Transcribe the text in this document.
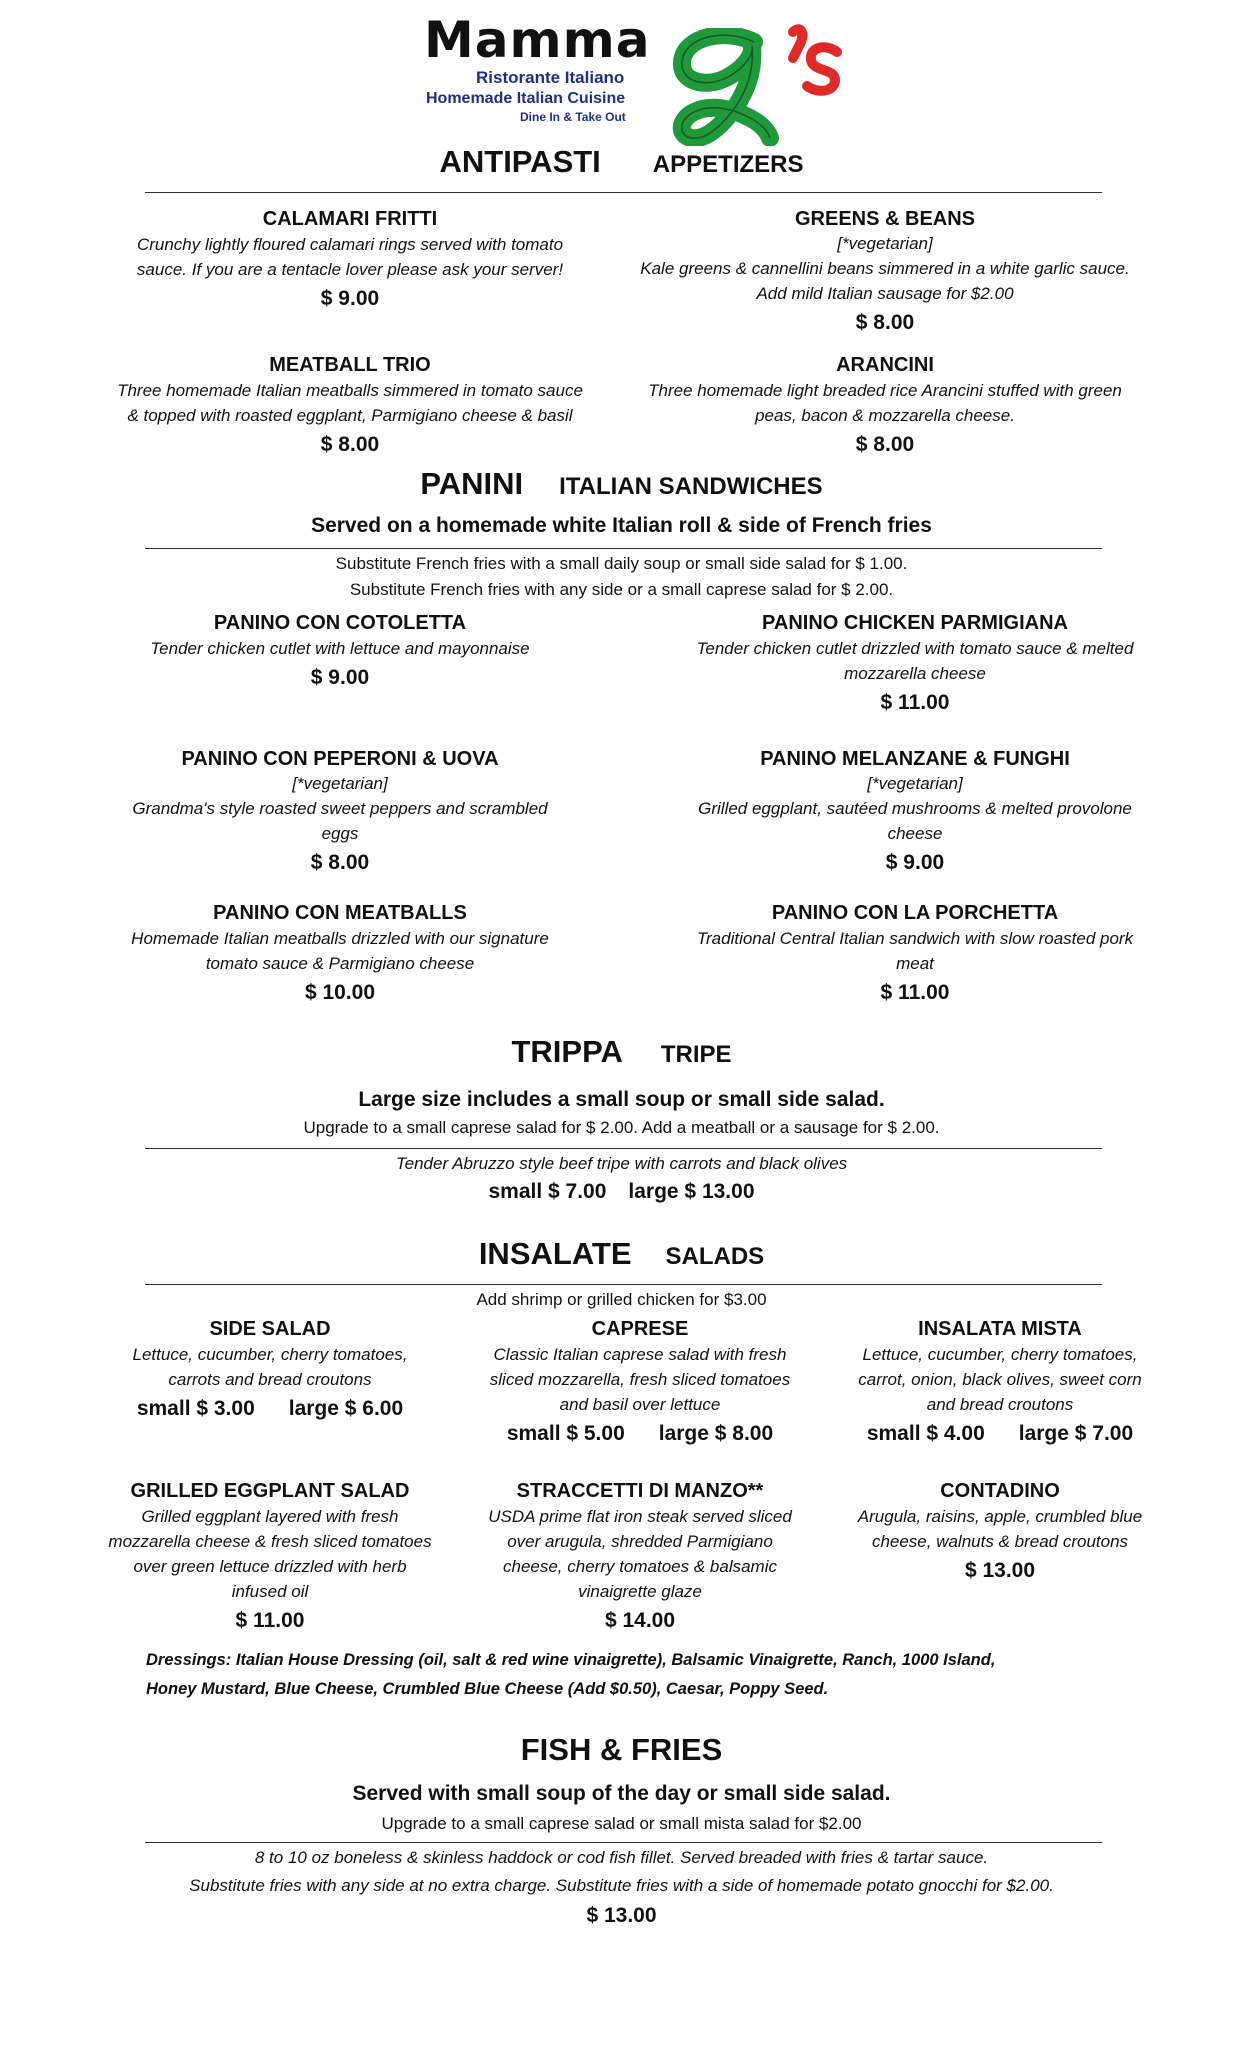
Mamma
Ristorante Italiano
Homemade Italian Cuisine
Dine In & Take Out
ANTIPASTI APPETIZERS
CALAMARI FRITTI
Crunchy lightly floured calamari rings served with tomato
sauce. If you are a tentacle lover please ask your server!
$ 9.00
GREENS & BEANS
[*vegetarian]
Kale greens & cannellini beans simmered in a white garlic sauce.
Add mild Italian sausage for $2.00
$ 8.00
MEATBALL TRIO
Three homemade Italian meatballs simmered in tomato sauce
& topped with roasted eggplant, Parmigiano cheese & basil
$ 8.00
ARANCINI
Three homemade light breaded rice Arancini stuffed with green
peas, bacon & mozzarella cheese.
$ 8.00
PANINI ITALIAN SANDWICHES
Served on a homemade white Italian roll & side of French fries
Substitute French fries with a small daily soup or small side salad for $ 1.00.
Substitute French fries with any side or a small caprese salad for $ 2.00.
PANINO CON COTOLETTA
Tender chicken cutlet with lettuce and mayonnaise
$ 9.00
PANINO CHICKEN PARMIGIANA
Tender chicken cutlet drizzled with tomato sauce & melted
mozzarella cheese
$ 11.00
PANINO CON PEPERONI & UOVA
[*vegetarian]
Grandma's style roasted sweet peppers and scrambled
eggs
$ 8.00
PANINO MELANZANE & FUNGHI
[*vegetarian]
Grilled eggplant, sautéed mushrooms & melted provolone
cheese
$ 9.00
PANINO CON MEATBALLS
Homemade Italian meatballs drizzled with our signature
tomato sauce & Parmigiano cheese
$ 10.00
PANINO CON LA PORCHETTA
Traditional Central Italian sandwich with slow roasted pork
meat
$ 11.00
TRIPPA TRIPE
Large size includes a small soup or small side salad.
Upgrade to a small caprese salad for $ 2.00. Add a meatball or a sausage for $ 2.00.
Tender Abruzzo style beef tripe with carrots and black olives
small $ 7.00 large $ 13.00
INSALATE SALADS
Add shrimp or grilled chicken for $3.00
SIDE SALAD
Lettuce, cucumber, cherry tomatoes,
carrots and bread croutons
small $ 3.00 large $ 6.00
CAPRESE
Classic Italian caprese salad with fresh
sliced mozzarella, fresh sliced tomatoes
and basil over lettuce
small $ 5.00 large $ 8.00
INSALATA MISTA
Lettuce, cucumber, cherry tomatoes,
carrot, onion, black olives, sweet corn
and bread croutons
small $ 4.00 large $ 7.00
GRILLED EGGPLANT SALAD
Grilled eggplant layered with fresh
mozzarella cheese & fresh sliced tomatoes
over green lettuce drizzled with herb
infused oil
$ 11.00
STRACCETTI DI MANZO**
USDA prime flat iron steak served sliced
over arugula, shredded Parmigiano
cheese, cherry tomatoes & balsamic
vinaigrette glaze
$ 14.00
CONTADINO
Arugula, raisins, apple, crumbled blue
cheese, walnuts & bread croutons
$ 13.00
Dressings: Italian House Dressing (oil, salt & red wine vinaigrette), Balsamic Vinaigrette, Ranch, 1000 Island,
Honey Mustard, Blue Cheese, Crumbled Blue Cheese (Add $0.50), Caesar, Poppy Seed.
FISH & FRIES
Served with small soup of the day or small side salad.
Upgrade to a small caprese salad or small mista salad for $2.00
8 to 10 oz boneless & skinless haddock or cod fish fillet. Served breaded with fries & tartar sauce.
Substitute fries with any side at no extra charge. Substitute fries with a side of homemade potato gnocchi for $2.00.
$ 13.00
